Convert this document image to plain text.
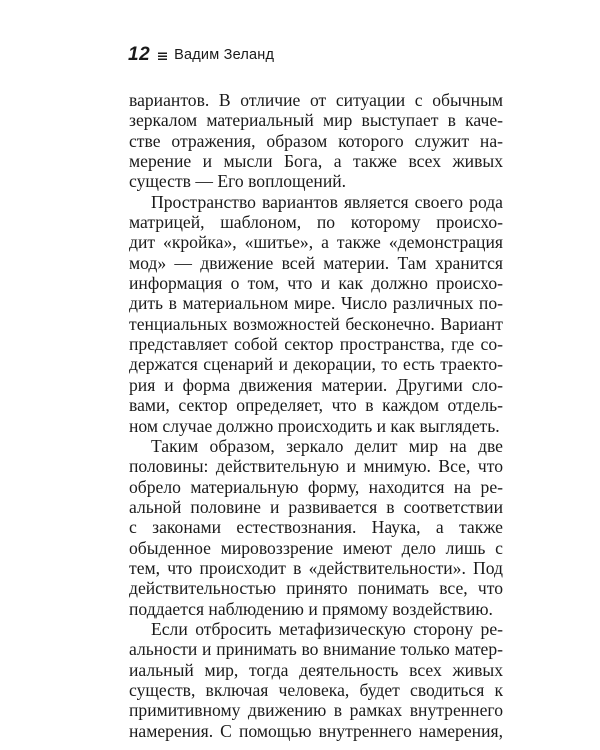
12 Вадим Зеланд
вариантов. В отличие от ситуации с обычным
зеркалом материальный мир выступает в каче-
стве отражения, образом которого служит на-
мерение и мысли Бога, а также всех живых
существ — Его воплощений.
Пространство вариантов является своего рода
матрицей, шаблоном, по которому происхо-
дит «кройка», «шитье», а также «демонстрация
мод» — движение всей материи. Там хранится
информация о том, что и как должно происхо-
дить в материальном мире. Число различных по-
тенциальных возможностей бесконечно. Вариант
представляет собой сектор пространства, где со-
держатся сценарий и декорации, то есть траекто-
рия и форма движения материи. Другими сло-
вами, сектор определяет, что в каждом отдель-
ном случае должно происходить и как выглядеть.
Таким образом, зеркало делит мир на две
половины: действительную и мнимую. Все, что
обрело материальную форму, находится на ре-
альной половине и развивается в соответствии
с законами естествознания. Наука, а также
обыденное мировоззрение имеют дело лишь с
тем, что происходит в «действительности». Под
действительностью принято понимать все, что
поддается наблюдению и прямому воздействию.
Если отбросить метафизическую сторону ре-
альности и принимать во внимание только матер-
иальный мир, тогда деятельность всех живых
существ, включая человека, будет сводиться к
примитивному движению в рамках внутреннего
намерения. С помощью внутреннего намерения,
